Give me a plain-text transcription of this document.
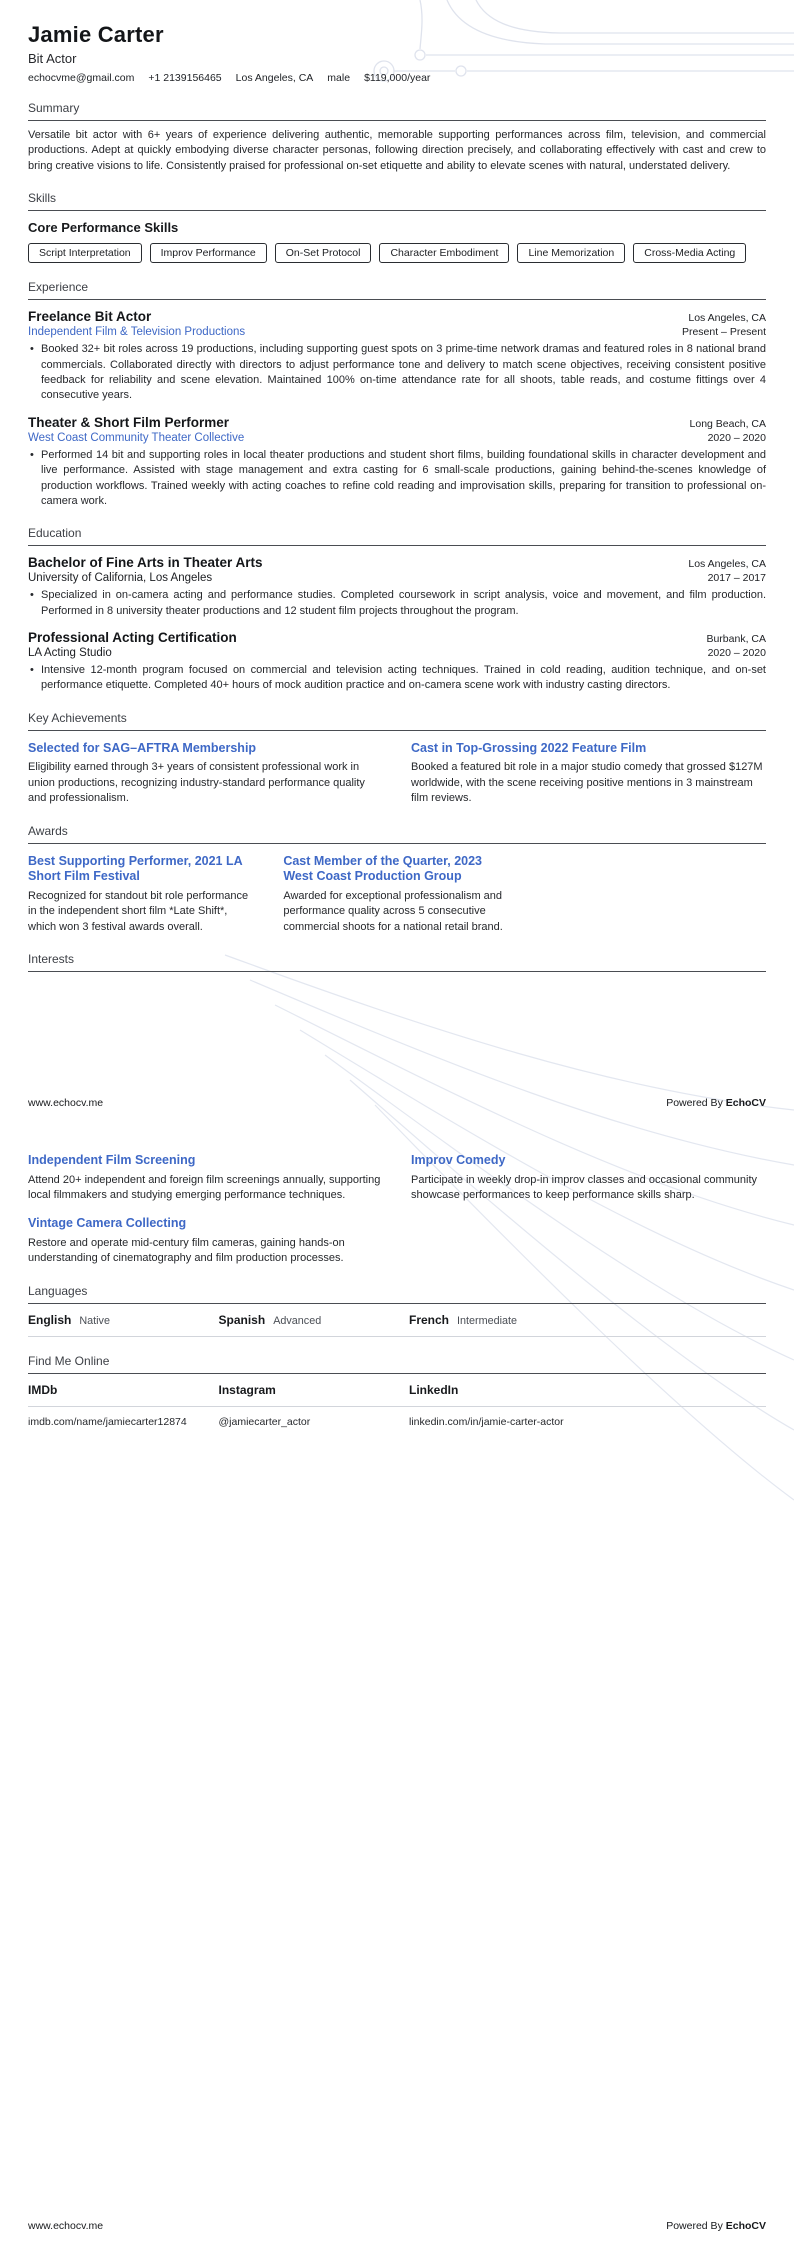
Jamie Carter
Bit Actor
echocvme@gmail.com +1 2139156465 Los Angeles, CA male $119,000/year
Summary

Versatile bit actor with 6+ years of experience delivering authentic, memorable supporting performances across film, television, and commercial productions. Adept at quickly embodying diverse character personas, following direction precisely, and collaborating effectively with cast and crew to bring creative visions to life. Consistently praised for professional on-set etiquette and ability to elevate scenes with natural, understated delivery.

Skills
Core Performance Skills
Script Interpretation	Improv Performance	On-Set Protocol	Character Embodiment	Line Memorization	Cross-Media Acting
Experience
Freelance Bit Actor	Los Angeles, CA
Independent Film & Television Productions	Present – Present
• Booked 32+ bit roles across 19 productions, including supporting guest spots on 3 prime-time network dramas and featured roles in 8 national brand commercials. Collaborated directly with directors to adjust performance tone and delivery to match scene objectives, receiving consistent positive feedback for reliability and scene elevation. Maintained 100% on-time attendance rate for all shoots, table reads, and costume fittings over 4 consecutive years.
Theater & Short Film Performer	Long Beach, CA
West Coast Community Theater Collective	2020 – 2020
• Performed 14 bit and supporting roles in local theater productions and student short films, building foundational skills in character development and live performance. Assisted with stage management and extra casting for 6 small-scale productions, gaining behind-the-scenes knowledge of production workflows. Trained weekly with acting coaches to refine cold reading and improvisation skills, preparing for transition to professional on-camera work.
Education
Bachelor of Fine Arts in Theater Arts	Los Angeles, CA
University of California, Los Angeles	2017 – 2017
• Specialized in on-camera acting and performance studies. Completed coursework in script analysis, voice and movement, and film production. Performed in 8 university theater productions and 12 student film projects throughout the program.
Professional Acting Certification	Burbank, CA
LA Acting Studio	2020 – 2020
• Intensive 12-month program focused on commercial and television acting techniques. Trained in cold reading, audition technique, and on-set performance etiquette. Completed 40+ hours of mock audition practice and on-camera scene work with industry casting directors.
Key Achievements
Selected for SAG–AFTRA Membership
Eligibility earned through 3+ years of consistent professional work in union productions, recognizing industry-standard performance quality and professionalism.
Cast in Top-Grossing 2022 Feature Film
Booked a featured bit role in a major studio comedy that grossed $127M worldwide, with the scene receiving positive mentions in 3 mainstream film reviews.
Awards
Best Supporting Performer, 2021 LA Short Film Festival
Recognized for standout bit role performance in the independent short film *Late Shift*, which won 3 festival awards overall.
Cast Member of the Quarter, 2023 West Coast Production Group
Awarded for exceptional professionalism and performance quality across 5 consecutive commercial shoots for a national retail brand.
Interests
www.echocv.me	Powered By EchoCV
Independent Film Screening
Attend 20+ independent and foreign film screenings annually, supporting local filmmakers and studying emerging performance techniques.
Improv Comedy
Participate in weekly drop-in improv classes and occasional community showcase performances to keep performance skills sharp.
Vintage Camera Collecting
Restore and operate mid-century film cameras, gaining hands-on understanding of cinematography and film production processes.
Languages
English Native	Spanish Advanced	French Intermediate
Find Me Online
IMDb	Instagram	LinkedIn
imdb.com/name/jamiecarter12874	@jamiecarter_actor	linkedin.com/in/jamie-carter-actor
www.echocv.me	Powered By EchoCV
